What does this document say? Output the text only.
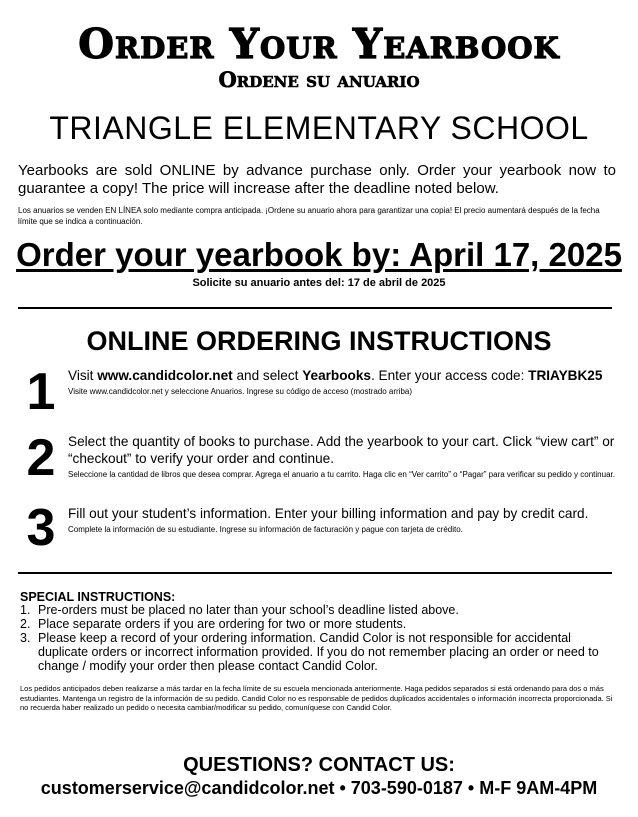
Order Your Yearbook
Ordene su anuario
TRIANGLE ELEMENTARY SCHOOL
Yearbooks are sold ONLINE by advance purchase only. Order your yearbook now to guarantee a copy! The price will increase after the deadline noted below.
Los anuarios se venden EN LÍNEA solo mediante compra anticipada. ¡Ordene su anuario ahora para garantizar una copia! El precio aumentará después de la fecha límite que se indica a continuación.
Order your yearbook by: April 17, 2025
Solicite su anuario antes del: 17 de abril de 2025
ONLINE ORDERING INSTRUCTIONS
1 Visit www.candidcolor.net and select Yearbooks. Enter your access code: TRIAYBK25
Visite www.candidcolor.net y seleccione Anuarios. Ingrese su código de acceso (mostrado arriba)
2 Select the quantity of books to purchase. Add the yearbook to your cart. Click “view cart” or “checkout” to verify your order and continue.
Seleccione la cantidad de libros que desea comprar. Agrega el anuario a tu carrito. Haga clic en “Ver carrito” o “Pagar” para verificar su pedido y continuar.
3 Fill out your student’s information. Enter your billing information and pay by credit card.
Complete la información de su estudiante. Ingrese su información de facturación y pague con tarjeta de crédito.
SPECIAL INSTRUCTIONS:
1. Pre-orders must be placed no later than your school’s deadline listed above.
2. Place separate orders if you are ordering for two or more students.
3. Please keep a record of your ordering information. Candid Color is not responsible for accidental duplicate orders or incorrect information provided. If you do not remember placing an order or need to change / modify your order then please contact Candid Color.
Los pedidos anticipados deben realizarse a más tardar en la fecha límite de su escuela mencionada anteriormente. Haga pedidos separados si está ordenando para dos o más estudiantes. Mantenga un registro de la información de su pedido. Candid Color no es responsable de pedidos duplicados accidentales o información incorrecta proporcionada. Si no recuerda haber realizado un pedido o necesita cambiar/modificar su pedido, comuníquese con Candid Color.
QUESTIONS? CONTACT US:
customerservice@candidcolor.net • 703-590-0187 • M-F 9AM-4PM
